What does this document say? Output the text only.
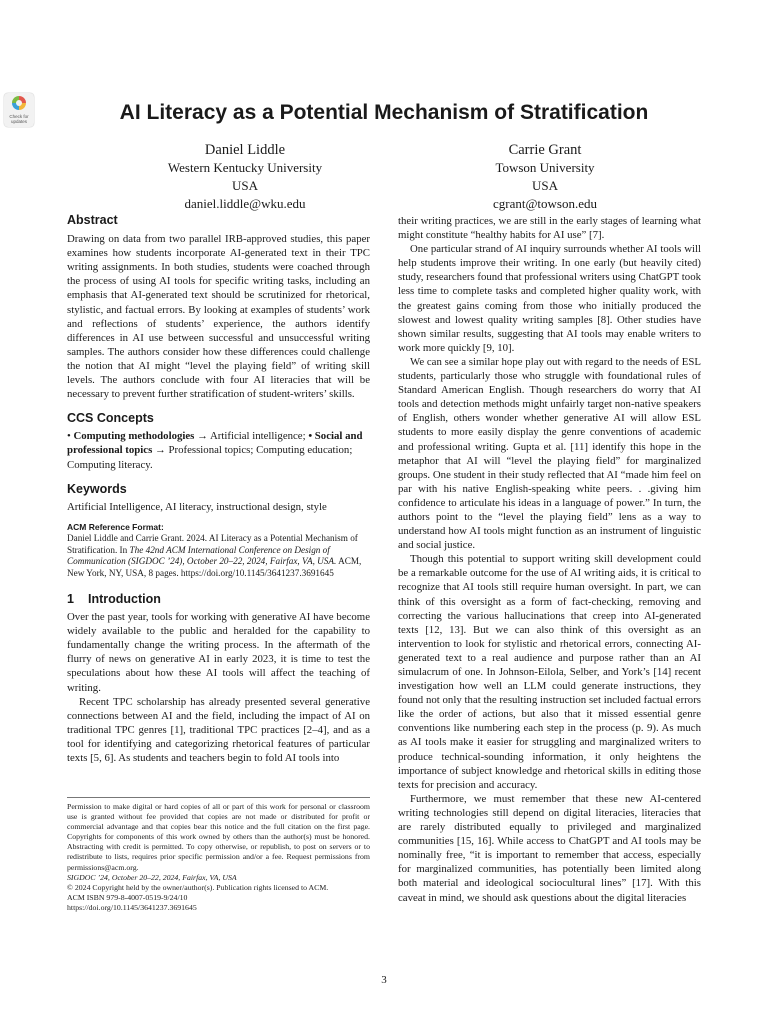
Check for updates	AI Literacy as a Potential Mechanism of Stratification
Daniel Liddle
Western Kentucky University
USA
daniel.liddle@wku.edu
Carrie Grant
Towson University
USA
cgrant@towson.edu
Abstract

Drawing on data from two parallel IRB-approved studies, this paper examines how students incorporate AI-generated text in their TPC writing assignments. In both studies, students were coached through the process of using AI tools for specific writing tasks, including an emphasis that AI-generated text should be scrutinized for rhetorical, stylistic, and factual errors. By looking at examples of students’ work and reflections of students’ experience, the authors identify differences in AI use between successful and unsuccessful writing samples. The authors consider how these differences could challenge the notion that AI might “level the playing field” of writing skill levels. The authors conclude with four AI literacies that will be necessary to prevent further stratification of student-writers’ skills.

CCS Concepts

• Computing methodologies → Artificial intelligence; • Social and professional topics → Professional topics; Computing education; Computing literacy.

Keywords

Artificial Intelligence, AI literacy, instructional design, style

ACM Reference Format:
Daniel Liddle and Carrie Grant. 2024. AI Literacy as a Potential Mechanism of Stratification. In The 42nd ACM International Conference on Design of Communication (SIGDOC ’24), October 20–22, 2024, Fairfax, VA, USA. ACM, New York, NY, USA, 8 pages. https://doi.org/10.1145/3641237.3691645
1 Introduction

Over the past year, tools for working with generative AI have become widely available to the public and heralded for the capability to fundamentally change the writing process. In the aftermath of the flurry of news on generative AI in early 2023, it is time to test the speculations about how these AI tools will affect the teaching of writing.

Recent TPC scholarship has already presented several generative connections between AI and the field, including the impact of AI on traditional TPC genres [1], traditional TPC practices [2–4], and as a tool for identifying and categorizing rhetorical features of particular texts [5, 6]. As students and teachers begin to fold AI tools into

Permission to make digital or hard copies of all or part of this work for personal or classroom use is granted without fee provided that copies are not made or distributed for profit or commercial advantage and that copies bear this notice and the full citation on the first page. Copyrights for components of this work owned by others than the author(s) must be honored. Abstracting with credit is permitted. To copy otherwise, or republish, to post on servers or to redistribute to lists, requires prior specific permission and/or a fee. Request permissions from permissions@acm.org.

SIGDOC ’24, October 20–22, 2024, Fairfax, VA, USA

© 2024 Copyright held by the owner/author(s). Publication rights licensed to ACM.

ACM ISBN 979-8-4007-0519-9/24/10

https://doi.org/10.1145/3641237.3691645

their writing practices, we are still in the early stages of learning what might constitute “healthy habits for AI use” [7].

One particular strand of AI inquiry surrounds whether AI tools will help students improve their writing. In one early (but heavily cited) study, researchers found that professional writers using ChatGPT took less time to complete tasks and completed higher quality work, with the greatest gains coming from those who initially produced the slowest and lowest quality writing samples [8]. Other studies have shown similar results, suggesting that AI tools may enable writers to work more quickly [9, 10].

We can see a similar hope play out with regard to the needs of ESL students, particularly those who struggle with foundational rules of Standard American English. Though researchers do worry that AI tools and detection methods might unfairly target non-native speakers of English, others wonder whether generative AI will allow ESL students to more easily display the genre conventions of academic and professional writing. Gupta et al. [11] identify this hope in the metaphor that AI will “level the playing field” for marginalized groups. One student in their study reflected that AI “made him feel on par with his native English-speaking white peers. . .giving him confidence to articulate his ideas in a language of power.” In turn, the authors point to the “level the playing field” lens as a way to understand how AI tools might function as an instrument of linguistic and social justice.

Though this potential to support writing skill development could be a remarkable outcome for the use of AI writing aids, it is critical to recognize that AI tools still require human oversight. In part, we can think of this oversight as a form of fact-checking, removing and correcting the various hallucinations that creep into AI-generated texts [12, 13]. But we can also think of this oversight as an intervention to look for stylistic and rhetorical errors, connecting AI-generated text to a real audience and purpose rather than an AI simulacrum of one. In Johnson-Eilola, Selber, and York’s [14] recent investigation how well an LLM could generate instructions, they found not only that the resulting instruction set included factual errors like the order of actions, but also that it missed essential genre conventions like numbering each step in the process (p. 9). As much as AI tools make it easier for struggling and marginalized writers to produce technical-sounding information, it only heightens the importance of subject knowledge and rhetorical skills in editing those texts for precision and accuracy.

Furthermore, we must remember that these new AI-centered writing technologies still depend on digital literacies, literacies that are rarely distributed equally to privileged and marginalized communities [15, 16]. While access to ChatGPT and AI tools may be nominally free, “it is important to remember that access, especially for marginalized communities, has potentially been limited along both material and ideological sociocultural lines” [17]. With this caveat in mind, we should ask questions about the digital literacies

3
